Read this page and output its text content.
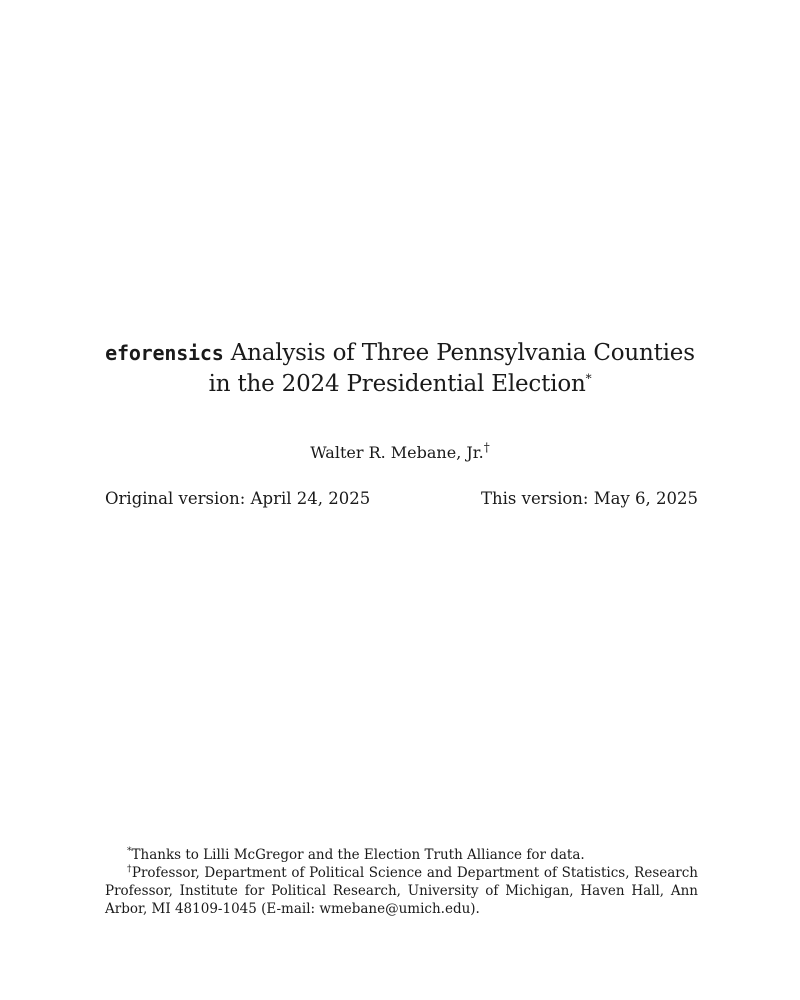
eforensics Analysis of Three Pennsylvania Counties
in the 2024 Presidential Election*
Walter R. Mebane, Jr.†
Original version: April 24, 2025	This version: May 6, 2025

*Thanks to Lilli McGregor and the Election Truth Alliance for data.

†Professor, Department of Political Science and Department of Statistics, Research Professor, Institute for Political Research, University of Michigan, Haven Hall, Ann Arbor, MI 48109-1045 (E-mail: wmebane@umich.edu).
